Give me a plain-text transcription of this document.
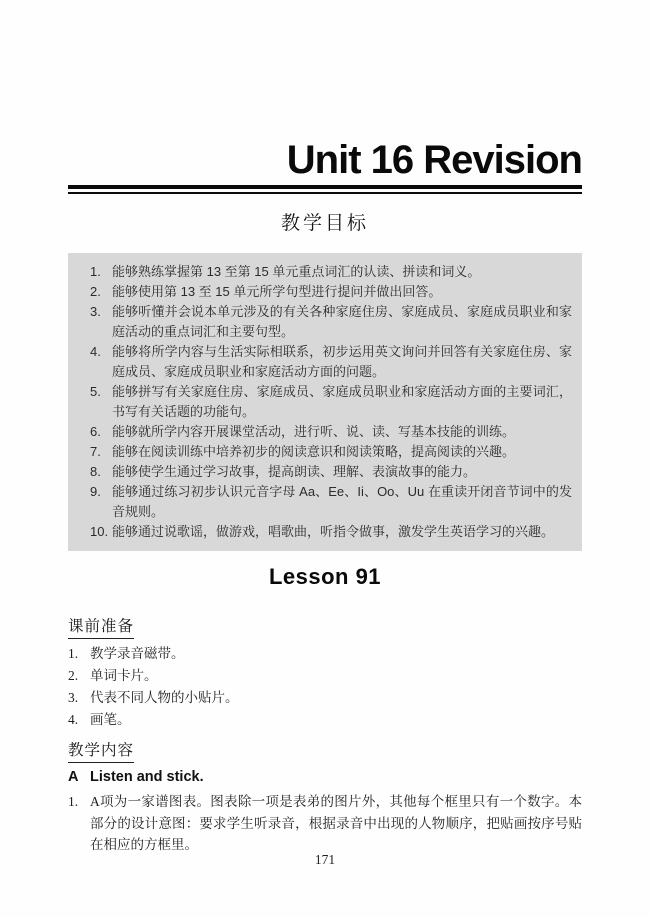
Unit 16 Revision
教学目标
1. 能够熟练掌握第 13 至第 15 单元重点词汇的认读、拼读和词义。
2. 能够使用第 13 至 15 单元所学句型进行提问并做出回答。
3. 能够听懂并会说本单元涉及的有关各种家庭住房、家庭成员、家庭成员职业和家庭活动的重点词汇和主要句型。
4. 能够将所学内容与生活实际相联系，初步运用英文询问并回答有关家庭住房、家庭成员、家庭成员职业和家庭活动方面的问题。
5. 能够拼写有关家庭住房、家庭成员、家庭成员职业和家庭活动方面的主要词汇，书写有关话题的功能句。
6. 能够就所学内容开展课堂活动，进行听、说、读、写基本技能的训练。
7. 能够在阅读训练中培养初步的阅读意识和阅读策略，提高阅读的兴趣。
8. 能够使学生通过学习故事，提高朗读、理解、表演故事的能力。
9. 能够通过练习初步认识元音字母 Aa、Ee、Ii、Oo、Uu 在重读开闭音节词中的发音规则。
10. 能够通过说歌谣，做游戏，唱歌曲，听指令做事，激发学生英语学习的兴趣。
Lesson 91
课前准备
1. 教学录音磁带。
2. 单词卡片。
3. 代表不同人物的小贴片。
4. 画笔。
教学内容
A Listen and stick.
1. A项为一家谱图表。图表除一项是表弟的图片外，其他每个框里只有一个数字。本部分的设计意图：要求学生听录音，根据录音中出现的人物顺序，把贴画按序号贴在相应的方框里。
171
